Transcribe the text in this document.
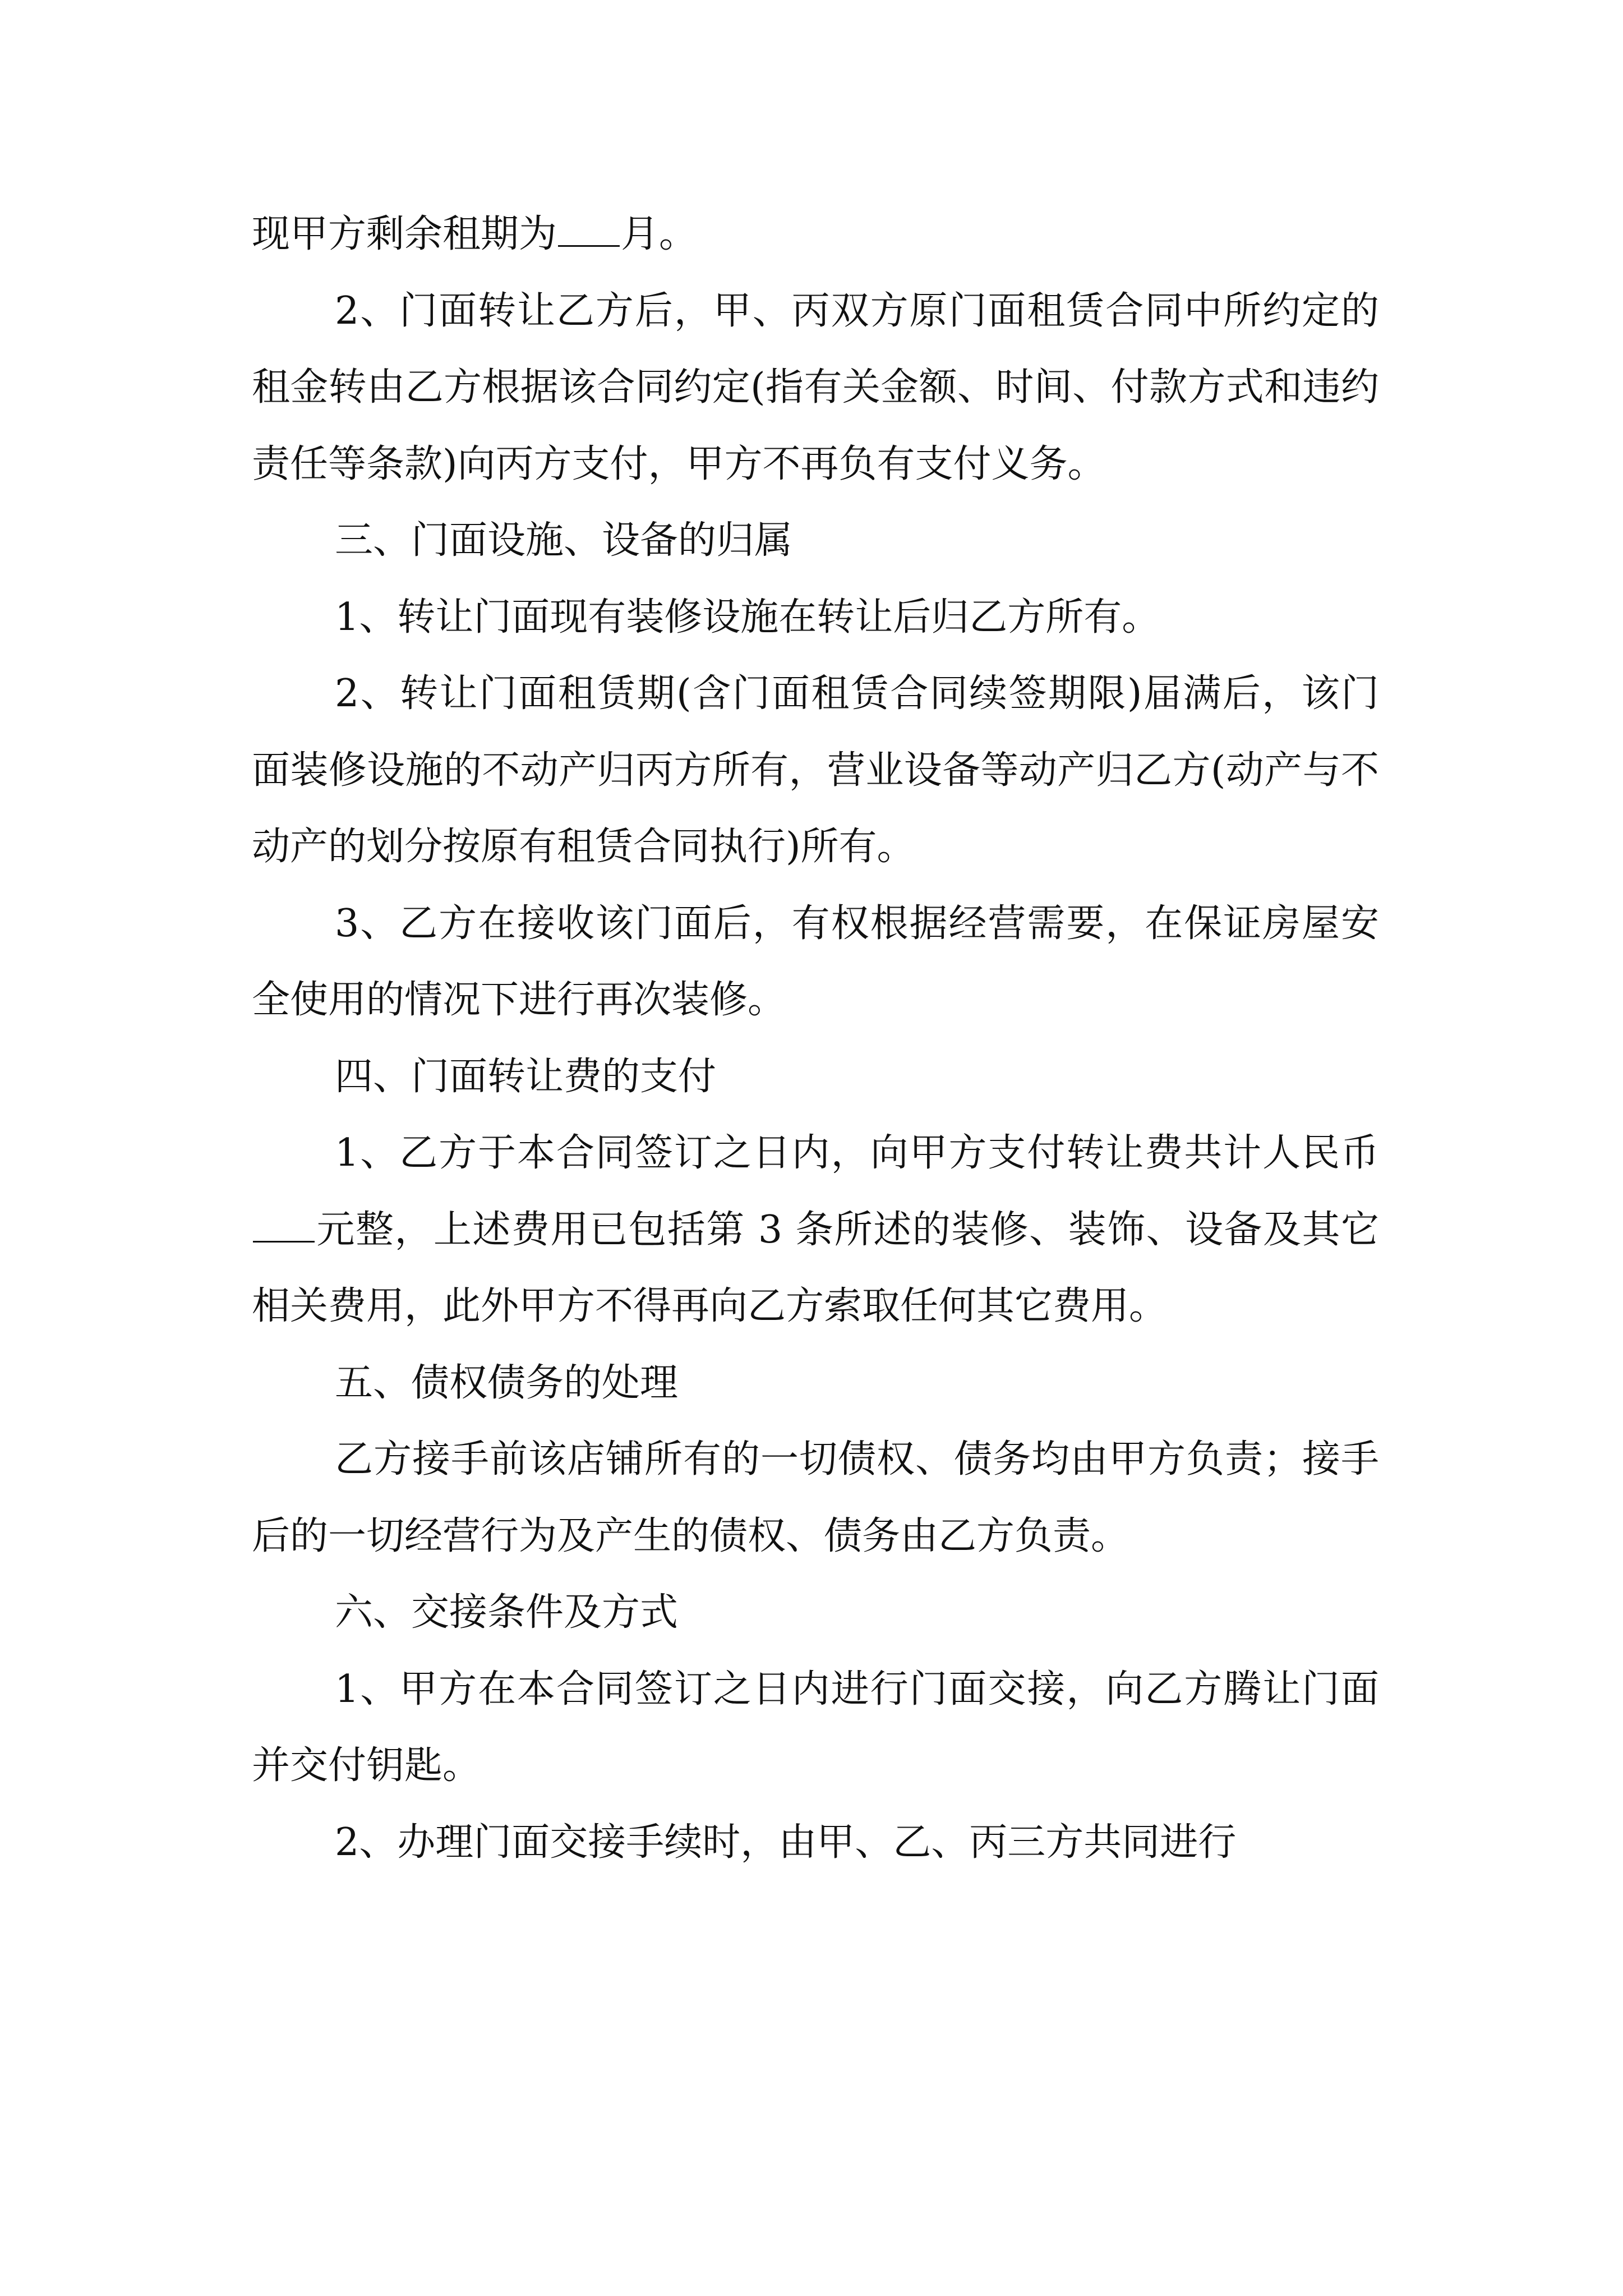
现甲方剩余租期为 月。

2、门面转让乙方后，甲、丙双方原门面租赁合同中所约定的租金转由乙方根据该合同约定(指有关金额、时间、付款方式和违约责任等条款)向丙方支付，甲方不再负有支付义务。

三、门面设施、设备的归属

1、转让门面现有装修设施在转让后归乙方所有。

2、转让门面租赁期(含门面租赁合同续签期限)届满后，该门面装修设施的不动产归丙方所有，营业设备等动产归乙方(动产与不动产的划分按原有租赁合同执行)所有。

3、乙方在接收该门面后，有权根据经营需要，在保证房屋安全使用的情况下进行再次装修。

四、门面转让费的支付

1、乙方于本合同签订之日内，向甲方支付转让费共计人民币元整，上述费用已包括第 3 条所述的装修、装饰、设备及其它相关费用，此外甲方不得再向乙方索取任何其它费用。

五、债权债务的处理

乙方接手前该店铺所有的一切债权、债务均由甲方负责；接手后的一切经营行为及产生的债权、债务由乙方负责。

六、交接条件及方式

1、甲方在本合同签订之日内进行门面交接，向乙方腾让门面并交付钥匙。

2、办理门面交接手续时，由甲、乙、丙三方共同进行
